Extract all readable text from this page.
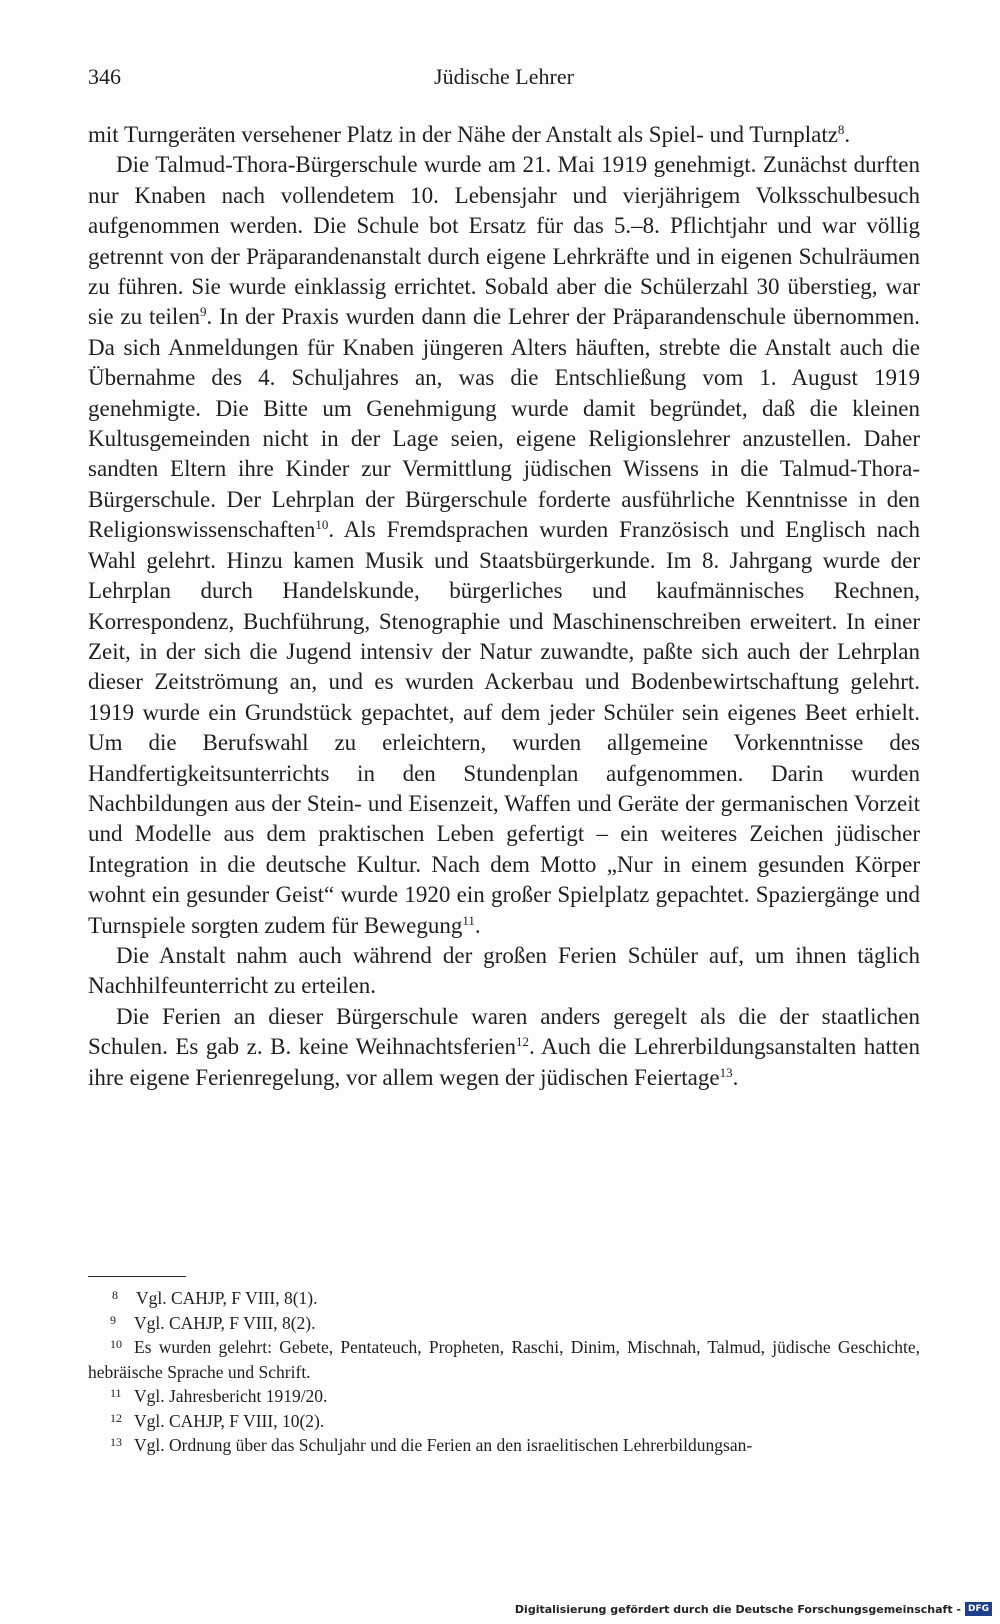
346	Jüdische Lehrer

mit Turngeräten versehener Platz in der Nähe der Anstalt als Spiel- und Turnplatz$^8$.

Die Talmud-Thora-Bürgerschule wurde am 21. Mai 1919 genehmigt. Zunächst durften nur Knaben nach vollendetem 10. Lebensjahr und vierjährigem Volksschulbesuch aufgenommen werden. Die Schule bot Ersatz für das 5.–8. Pflichtjahr und war völlig getrennt von der Präparandenanstalt durch eigene Lehrkräfte und in eigenen Schulräumen zu führen. Sie wurde einklassig errichtet. Sobald aber die Schülerzahl 30 überstieg, war sie zu teilen$^9$. In der Praxis wurden dann die Lehrer der Präparandenschule übernommen. Da sich Anmeldungen für Knaben jüngeren Alters häuften, strebte die Anstalt auch die Übernahme des 4. Schuljahres an, was die Entschließung vom 1. August 1919 genehmigte. Die Bitte um Genehmigung wurde damit begründet, daß die kleinen Kultusgemeinden nicht in der Lage seien, eigene Religionslehrer anzustellen. Daher sandten Eltern ihre Kinder zur Vermittlung jüdischen Wissens in die Talmud-Thora-Bürgerschule. Der Lehrplan der Bürgerschule forderte ausführliche Kenntnisse in den Religionswissenschaften$^{10}$. Als Fremdsprachen wurden Französisch und Englisch nach Wahl gelehrt. Hinzu kamen Musik und Staatsbürgerkunde. Im 8. Jahrgang wurde der Lehrplan durch Handelskunde, bürgerliches und kaufmännisches Rechnen, Korrespondenz, Buchführung, Stenographie und Maschinenschreiben erweitert. In einer Zeit, in der sich die Jugend intensiv der Natur zuwandte, paßte sich auch der Lehrplan dieser Zeitströmung an, und es wurden Ackerbau und Bodenbewirtschaftung gelehrt. 1919 wurde ein Grundstück gepachtet, auf dem jeder Schüler sein eigenes Beet erhielt. Um die Berufswahl zu erleichtern, wurden allgemeine Vorkenntnisse des Handfertigkeitsunterrichts in den Stundenplan aufgenommen. Darin wurden Nachbildungen aus der Stein- und Eisenzeit, Waffen und Geräte der germanischen Vorzeit und Modelle aus dem praktischen Leben gefertigt – ein weiteres Zeichen jüdischer Integration in die deutsche Kultur. Nach dem Motto „Nur in einem gesunden Körper wohnt ein gesunder Geist“ wurde 1920 ein großer Spielplatz gepachtet. Spaziergänge und Turnspiele sorgten zudem für Bewegung$^{11}$.

Die Anstalt nahm auch während der großen Ferien Schüler auf, um ihnen täglich Nachhilfeunterricht zu erteilen.

Die Ferien an dieser Bürgerschule waren anders geregelt als die der staatlichen Schulen. Es gab z. B. keine Weihnachtsferien$^{12}$. Auch die Lehrerbildungsanstalten hatten ihre eigene Ferienregelung, vor allem wegen der jüdischen Feiertage$^{13}$.

8 Vgl. CAHJP, F VIII, 8(1).

9 Vgl. CAHJP, F VIII, 8(2).

10 Es wurden gelehrt: Gebete, Pentateuch, Propheten, Raschi, Dinim, Mischnah, Talmud, jüdische Geschichte, hebräische Sprache und Schrift.

11 Vgl. Jahresbericht 1919/20.

12 Vgl. CAHJP, F VIII, 10(2).

13 Vgl. Ordnung über das Schuljahr und die Ferien an den israelitischen Lehrerbildungsan-

Digitalisierung gefördert durch die Deutsche Forschungsgemeinschaft - DFG
